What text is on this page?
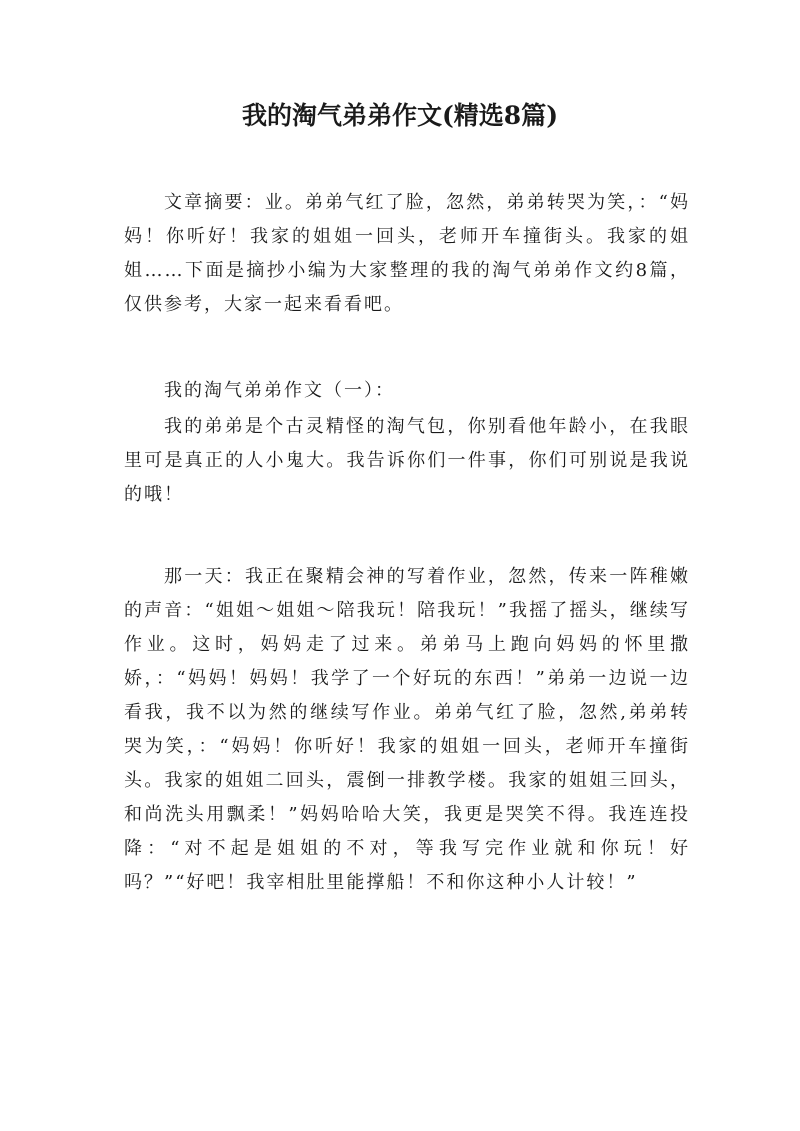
我的淘气弟弟作文(精选8篇)

文章摘要：业。弟弟气红了脸，忽然，弟弟转哭为笑，：“妈妈！你听好！我家的姐姐一回头，老师开车撞街头。我家的姐姐……下面是摘抄小编为大家整理的我的淘气弟弟作文约8篇，仅供参考，大家一起来看看吧。

我的淘气弟弟作文（一）：

我的弟弟是个古灵精怪的淘气包，你别看他年龄小，在我眼里可是真正的人小鬼大。我告诉你们一件事，你们可别说是我说的哦！

那一天：我正在聚精会神的写着作业，忽然，传来一阵稚嫩的声音：“姐姐～姐姐～陪我玩！陪我玩！”我摇了摇头，继续写作业。这时，妈妈走了过来。弟弟马上跑向妈妈的怀里撒娇，：“妈妈！妈妈！我学了一个好玩的东西！”弟弟一边说一边看我，我不以为然的继续写作业。弟弟气红了脸，忽然,弟弟转哭为笑，：“妈妈！你听好！我家的姐姐一回头，老师开车撞街头。我家的姐姐二回头，震倒一排教学楼。我家的姐姐三回头，和尚洗头用飘柔！”妈妈哈哈大笑，我更是哭笑不得。我连连投降：“对不起是姐姐的不对，等我写完作业就和你玩！好吗？”“好吧！我宰相肚里能撑船！不和你这种小人计较！”
